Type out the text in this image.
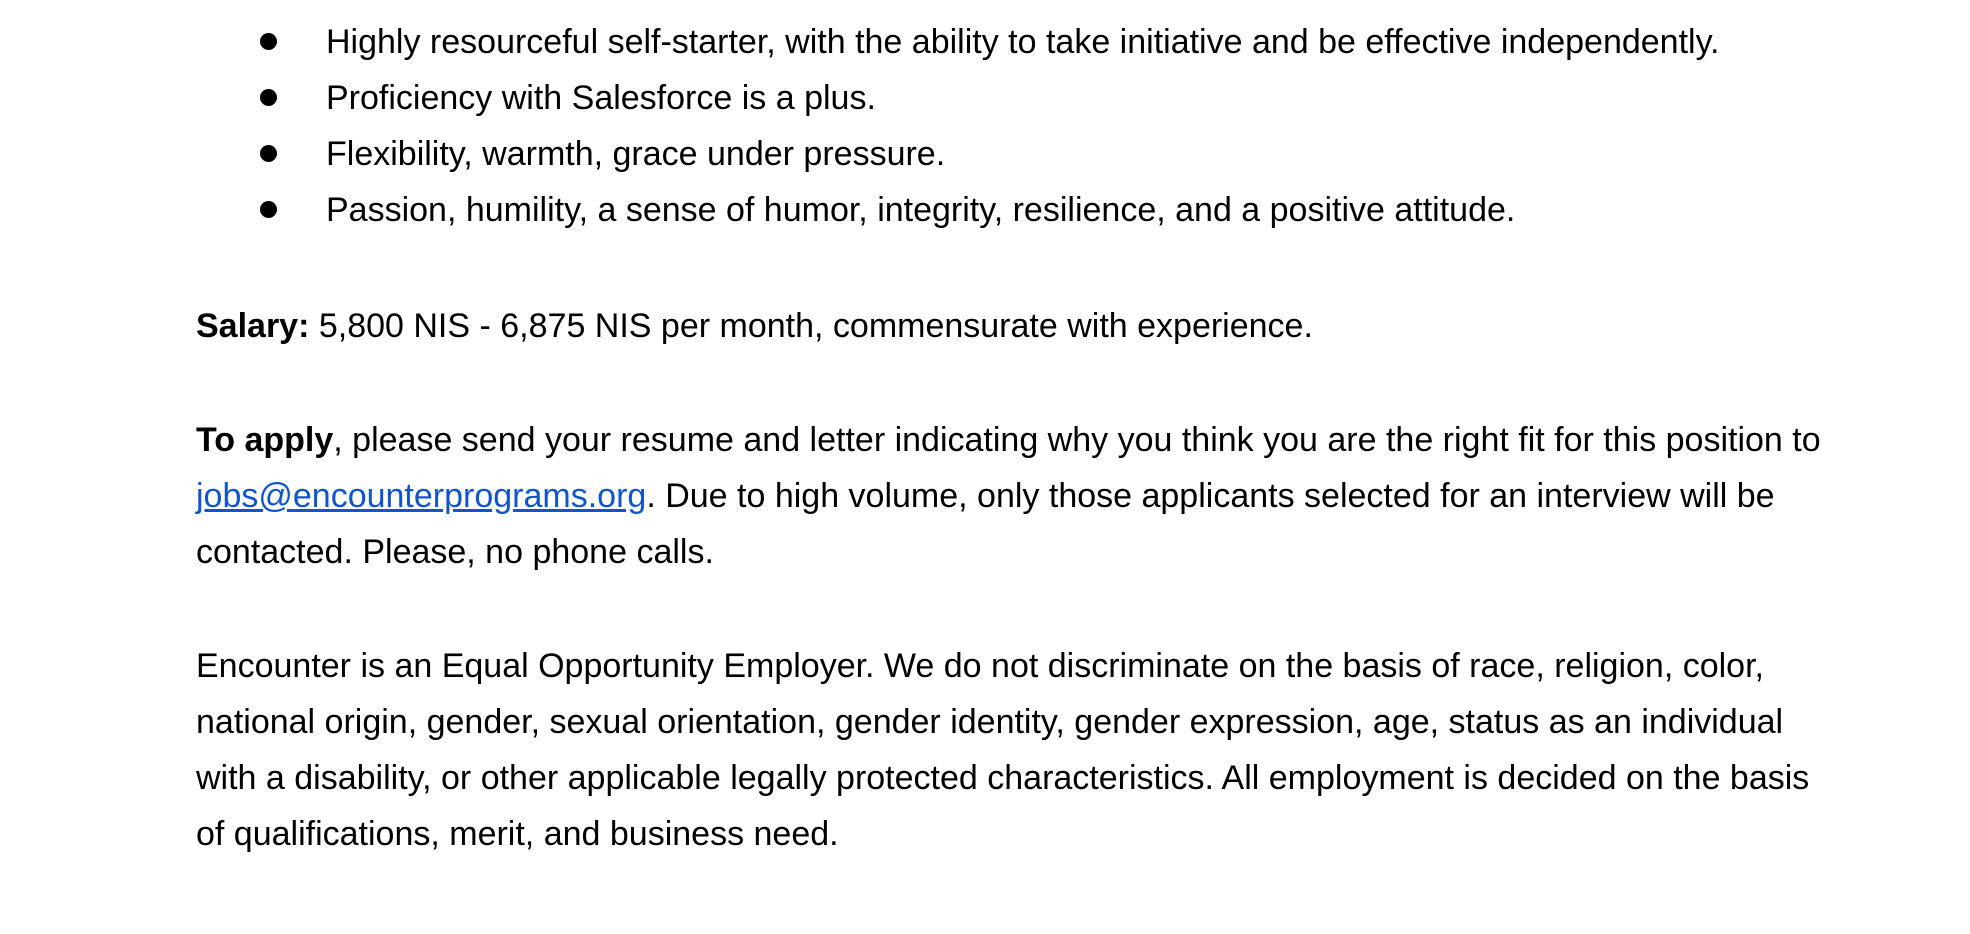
Highly resourceful self-starter, with the ability to take initiative and be effective independently.
Proficiency with Salesforce is a plus.
Flexibility, warmth, grace under pressure.
Passion, humility, a sense of humor, integrity, resilience, and a positive attitude.

Salary: 5,800 NIS - 6,875 NIS per month, commensurate with experience.

To apply, please send your resume and letter indicating why you think you are the right fit for this position to jobs@encounterprograms.org. Due to high volume, only those applicants selected for an interview will be contacted. Please, no phone calls.

Encounter is an Equal Opportunity Employer. We do not discriminate on the basis of race, religion, color, national origin, gender, sexual orientation, gender identity, gender expression, age, status as an individual with a disability, or other applicable legally protected characteristics. All employment is decided on the basis of qualifications, merit, and business need.
